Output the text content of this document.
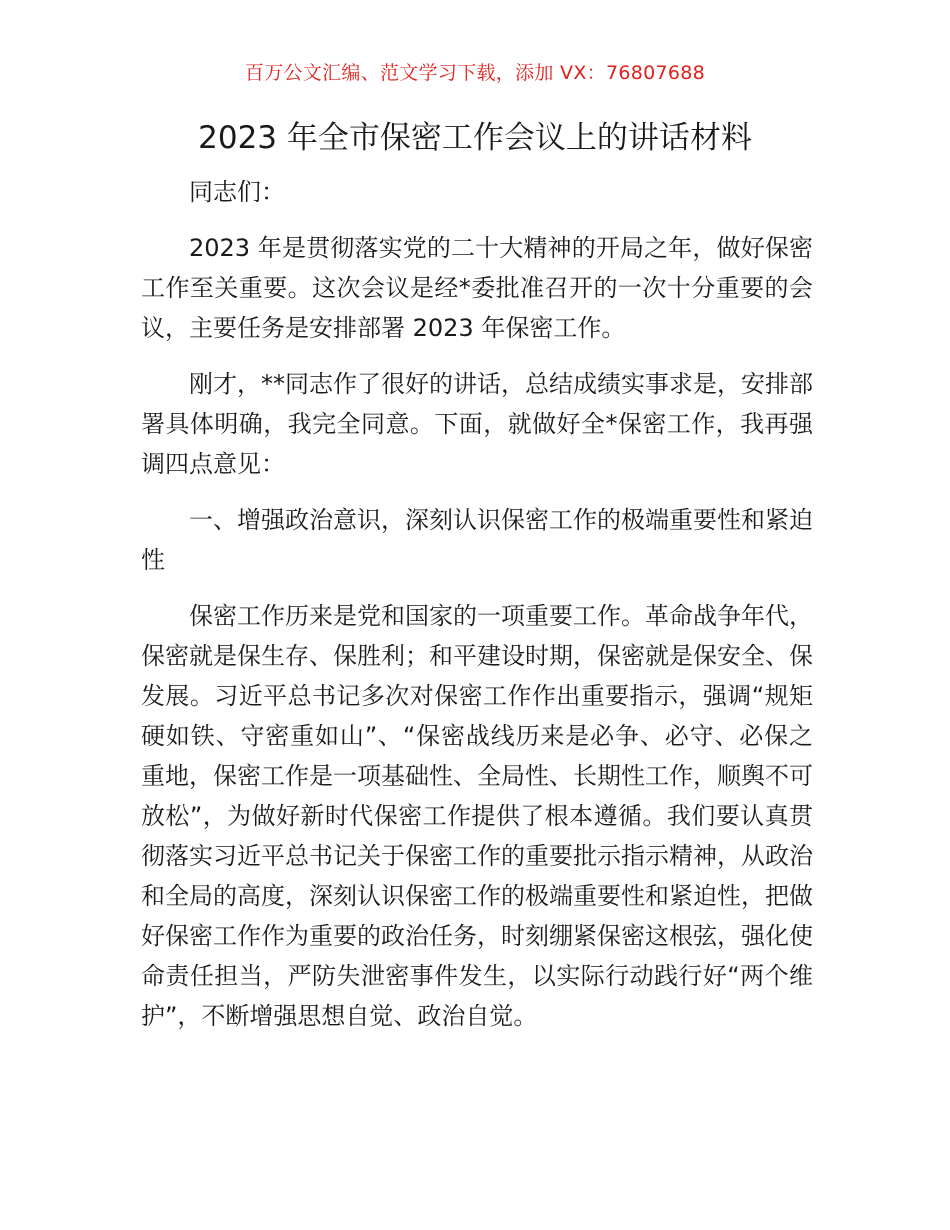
百万公文汇编、范文学习下载，添加 VX：76807688
2023 年全市保密工作会议上的讲话材料

同志们：

2023 年是贯彻落实党的二十大精神的开局之年，做好保密工作至关重要。这次会议是经*委批准召开的一次十分重要的会议，主要任务是安排部署 2023 年保密工作。

刚才，**同志作了很好的讲话，总结成绩实事求是，安排部署具体明确，我完全同意。下面，就做好全*保密工作，我再强调四点意见：

一、增强政治意识，深刻认识保密工作的极端重要性和紧迫性

保密工作历来是党和国家的一项重要工作。革命战争年代，保密就是保生存、保胜利；和平建设时期，保密就是保安全、保发展。习近平总书记多次对保密工作作出重要指示，强调“规矩硬如铁、守密重如山”、“保密战线历来是必争、必守、必保之重地，保密工作是一项基础性、全局性、长期性工作，顺舆不可放松”，为做好新时代保密工作提供了根本遵循。我们要认真贯彻落实习近平总书记关于保密工作的重要批示指示精神，从政治和全局的高度，深刻认识保密工作的极端重要性和紧迫性，把做好保密工作作为重要的政治任务，时刻绷紧保密这根弦，强化使命责任担当，严防失泄密事件发生，以实际行动践行好“两个维护”，不断增强思想自觉、政治自觉。
